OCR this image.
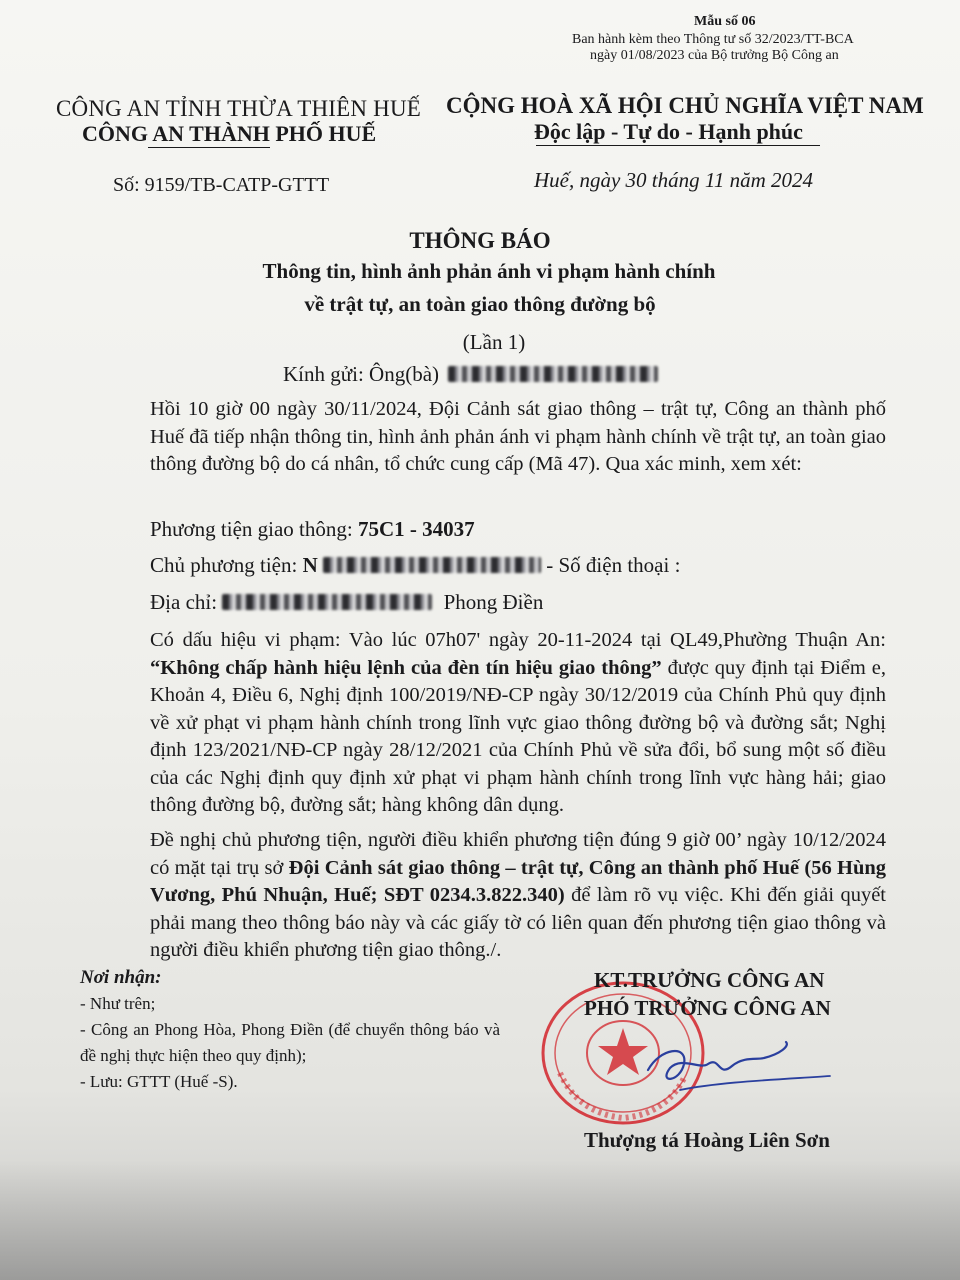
Mẫu số 06
Ban hành kèm theo Thông tư số 32/2023/TT-BCA
ngày 01/08/2023 của Bộ trưởng Bộ Công an
CÔNG AN TỈNH THỪA THIÊN HUẾ
CÔNG AN THÀNH PHỐ HUẾ
Số: 9159/TB-CATP-GTTT
CỘNG HOÀ XÃ HỘI CHỦ NGHĨA VIỆT NAM
Độc lập - Tự do - Hạnh phúc
Huế, ngày 30 tháng 11 năm 2024
THÔNG BÁO
Thông tin, hình ảnh phản ánh vi phạm hành chính
về trật tự, an toàn giao thông đường bộ
(Lần 1)
Kính gửi: Ông(bà)
Hồi 10 giờ 00 ngày 30/11/2024, Đội Cảnh sát giao thông – trật tự, Công an thành phố Huế đã tiếp nhận thông tin, hình ảnh phản ánh vi phạm hành chính về trật tự, an toàn giao thông đường bộ do cá nhân, tổ chức cung cấp (Mã 47). Qua xác minh, xem xét:
Phương tiện giao thông: 75C1 - 34037
Chủ phương tiện: N	- Số điện thoại :
Địa chỉ:	Phong Điền
Có dấu hiệu vi phạm: Vào lúc 07h07' ngày 20-11-2024 tại QL49,Phường Thuận An: “Không chấp hành hiệu lệnh của đèn tín hiệu giao thông” được quy định tại Điểm e, Khoản 4, Điều 6, Nghị định 100/2019/NĐ-CP ngày 30/12/2019 của Chính Phủ quy định về xử phạt vi phạm hành chính trong lĩnh vực giao thông đường bộ và đường sắt; Nghị định 123/2021/NĐ-CP ngày 28/12/2021 của Chính Phủ về sửa đổi, bổ sung một số điều của các Nghị định quy định xử phạt vi phạm hành chính trong lĩnh vực hàng hải; giao thông đường bộ, đường sắt; hàng không dân dụng.
Đề nghị chủ phương tiện, người điều khiển phương tiện đúng 9 giờ 00’ ngày 10/12/2024 có mặt tại trụ sở Đội Cảnh sát giao thông – trật tự, Công an thành phố Huế (56 Hùng Vương, Phú Nhuận, Huế; SĐT 0234.3.822.340) để làm rõ vụ việc. Khi đến giải quyết phải mang theo thông báo này và các giấy tờ có liên quan đến phương tiện giao thông và người điều khiển phương tiện giao thông./.
Nơi nhận:
- Như trên;
- Công an Phong Hòa, Phong Điền (để chuyển thông báo và đề nghị thực hiện theo quy định);
- Lưu: GTTT (Huế -S).
KT.TRƯỞNG CÔNG AN
PHÓ TRƯỞNG CÔNG AN
Thượng tá Hoàng Liên Sơn
